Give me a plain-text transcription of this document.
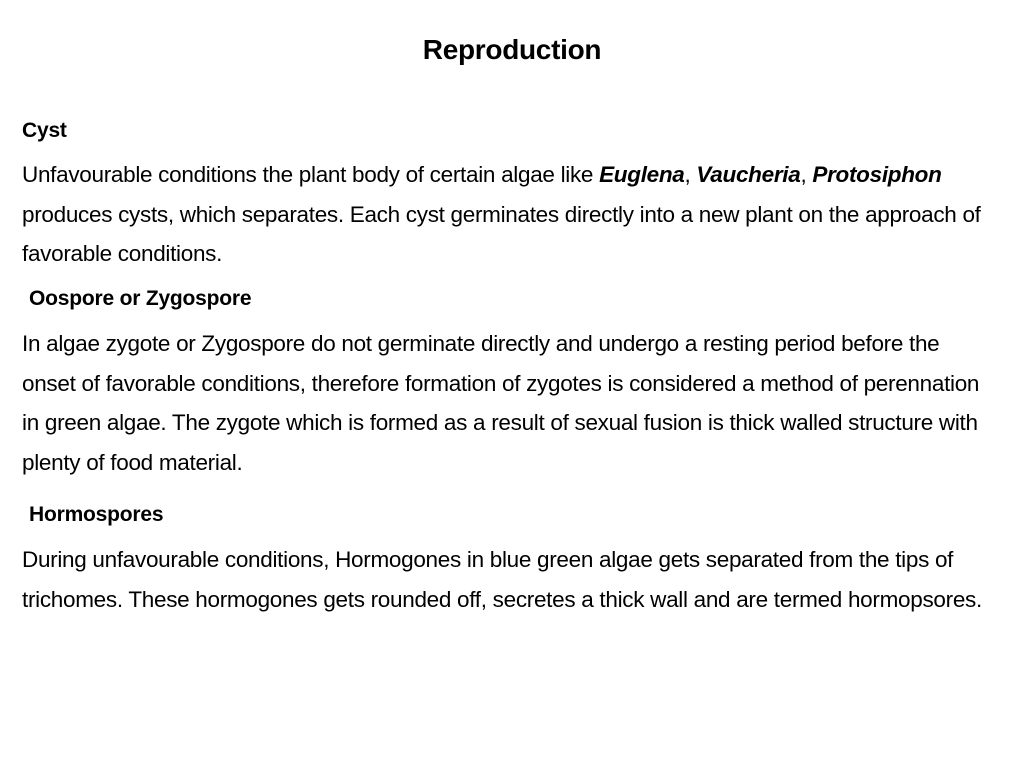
Reproduction
Cyst
Unfavourable conditions the plant body of certain algae like Euglena, Vaucheria, Protosiphon produces cysts, which separates. Each cyst germinates directly into a new plant on the approach of favorable conditions.
Oospore or Zygospore
In algae zygote or Zygospore do not germinate directly and undergo a resting period before the onset of favorable conditions, therefore formation of zygotes is considered a method of perennation in green algae. The zygote which is formed as a result of sexual fusion is thick walled structure with plenty of food material.
Hormospores
During unfavourable conditions, Hormogones in blue green algae gets separated from the tips of trichomes. These hormogones gets rounded off, secretes a thick wall and are termed hormopsores.
